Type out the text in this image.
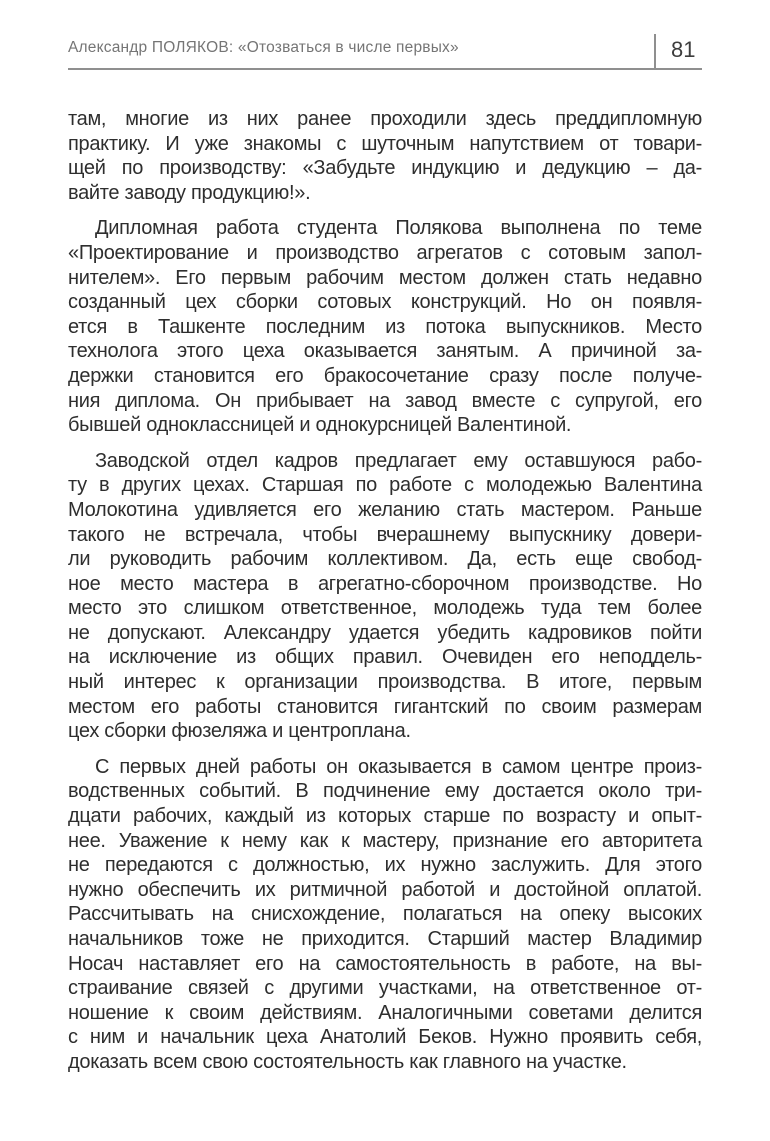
Александр ПОЛЯКОВ: «Отозваться в числе первых»	81
там, многие из них ранее проходили здесь преддипломную
практику. И уже знакомы с шуточным напутствием от товари-
щей по производству: «Забудьте индукцию и дедукцию – да-
вайте заводу продукцию!».
Дипломная работа студента Полякова выполнена по теме
«Проектирование и производство агрегатов с сотовым запол-
нителем». Его первым рабочим местом должен стать недавно
созданный цех сборки сотовых конструкций. Но он появля-
ется в Ташкенте последним из потока выпускников. Место
технолога этого цеха оказывается занятым. А причиной за-
держки становится его бракосочетание сразу после получе-
ния диплома. Он прибывает на завод вместе с супругой, его
бывшей одноклассницей и однокурсницей Валентиной.
Заводской отдел кадров предлагает ему оставшуюся рабо-
ту в других цехах. Старшая по работе с молодежью Валентина
Молокотина удивляется его желанию стать мастером. Раньше
такого не встречала, чтобы вчерашнему выпускнику довери-
ли руководить рабочим коллективом. Да, есть еще свобод-
ное место мастера в агрегатно-сборочном производстве. Но
место это слишком ответственное, молодежь туда тем более
не допускают. Александру удается убедить кадровиков пойти
на исключение из общих правил. Очевиден его неподдель-
ный интерес к организации производства. В итоге, первым
местом его работы становится гигантский по своим размерам
цех сборки фюзеляжа и центроплана.
С первых дней работы он оказывается в самом центре произ-
водственных событий. В подчинение ему достается около три-
дцати рабочих, каждый из которых старше по возрасту и опыт-
нее. Уважение к нему как к мастеру, признание его авторитета
не передаются с должностью, их нужно заслужить. Для этого
нужно обеспечить их ритмичной работой и достойной оплатой.
Рассчитывать на снисхождение, полагаться на опеку высоких
начальников тоже не приходится. Старший мастер Владимир
Носач наставляет его на самостоятельность в работе, на вы-
страивание связей с другими участками, на ответственное от-
ношение к своим действиям. Аналогичными советами делится
с ним и начальник цеха Анатолий Беков. Нужно проявить себя,
доказать всем свою состоятельность как главного на участке.
